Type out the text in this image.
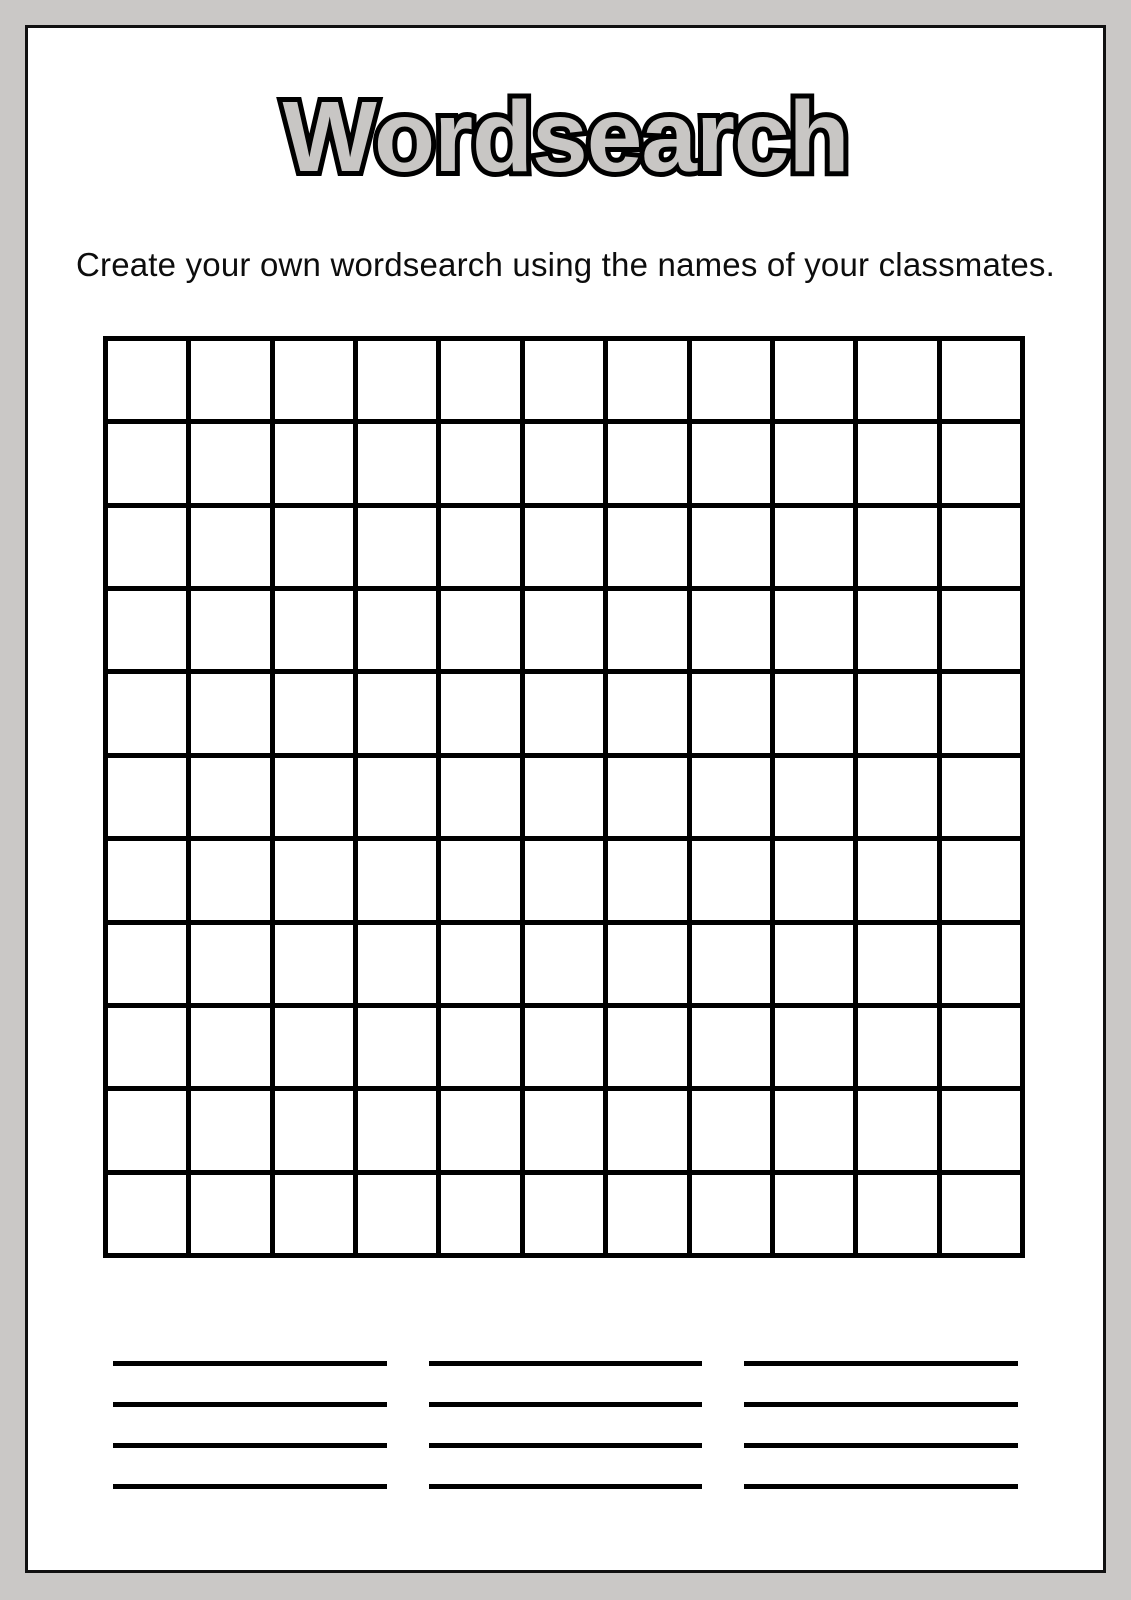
Wordsearch Wordsearch

Create your own wordsearch using the names of your classmates.
